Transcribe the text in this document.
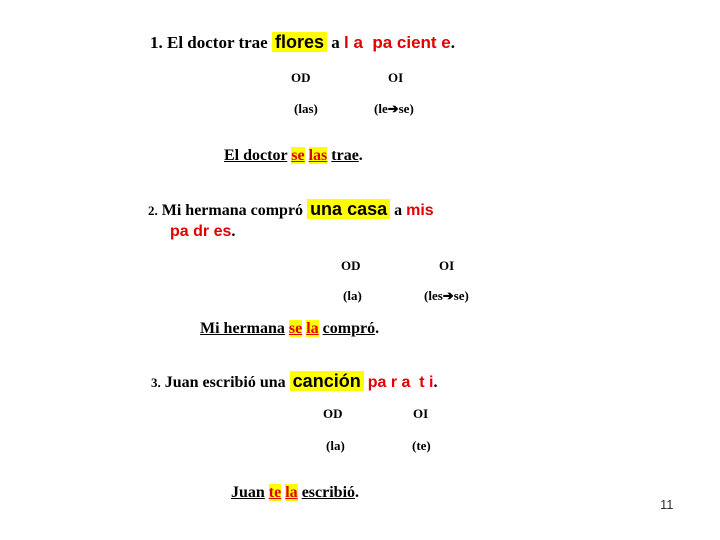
1. El doctor trae flores a l a  pa cient e.
OD	OI
(las)	(le➔se)
El doctor se las trae.
2. Mi hermana compró una casa a mis
pa dr es.
OD	OI
(la)	(les➔se)
Mi hermana se la compró.
3. Juan escribió una canción pa r a  t i.
OD	OI
(la)	(te)
Juan te la escribió.
11
